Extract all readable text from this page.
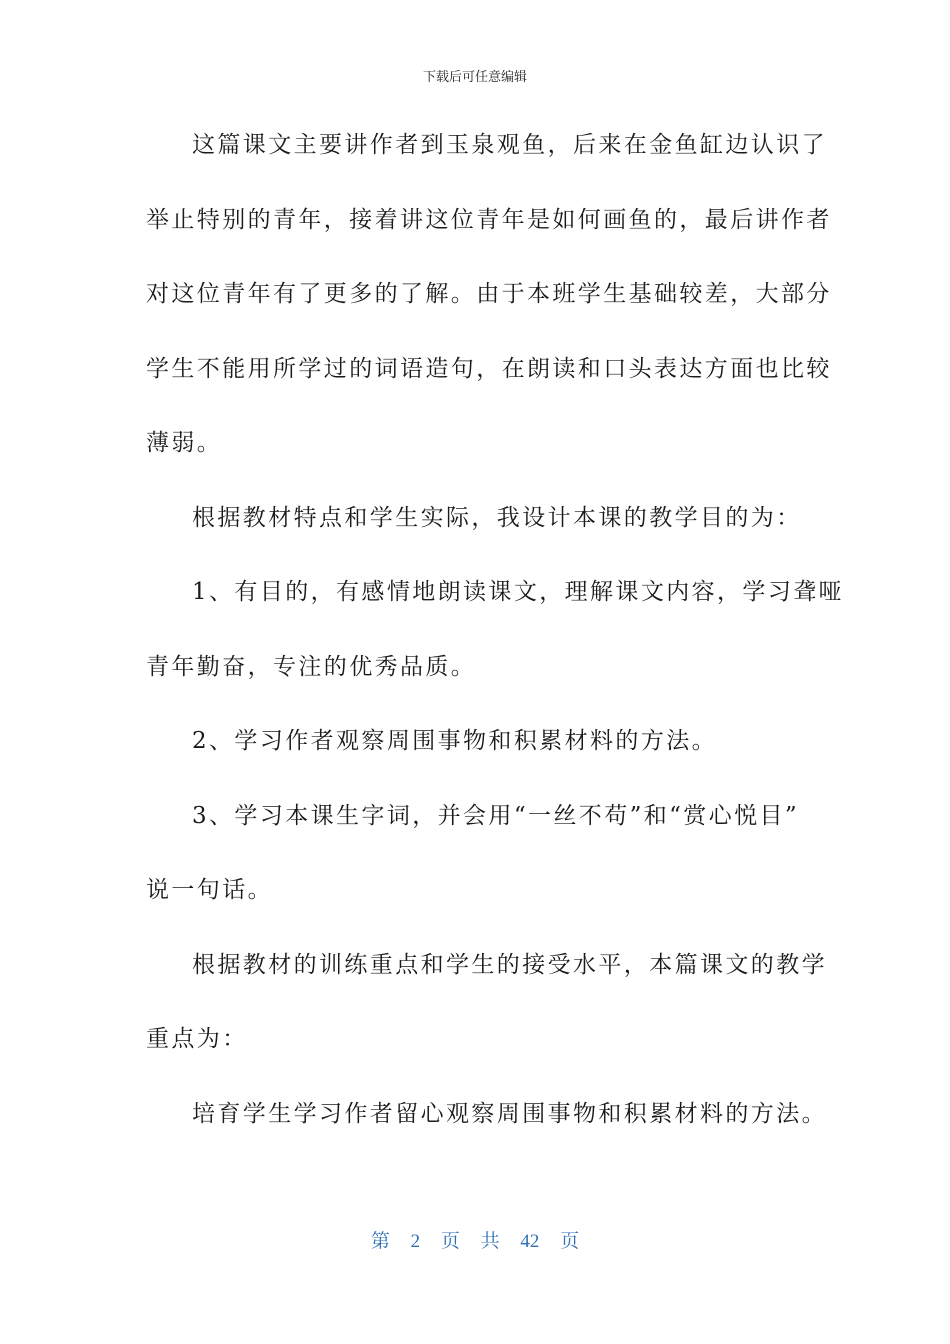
下载后可任意编辑
这篇课文主要讲作者到玉泉观鱼，后来在金鱼缸边认识了
举止特别的青年，接着讲这位青年是如何画鱼的，最后讲作者
对这位青年有了更多的了解。由于本班学生基础较差，大部分
学生不能用所学过的词语造句，在朗读和口头表达方面也比较
薄弱。
根据教材特点和学生实际，我设计本课的教学目的为：
1、有目的，有感情地朗读课文，理解课文内容，学习聋哑
青年勤奋，专注的优秀品质。
2、学习作者观察周围事物和积累材料的方法。
3、学习本课生字词，并会用“一丝不苟”和“赏心悦目”
说一句话。
根据教材的训练重点和学生的接受水平，本篇课文的教学
重点为：
培育学生学习作者留心观察周围事物和积累材料的方法。
第 2 页 共 42 页
